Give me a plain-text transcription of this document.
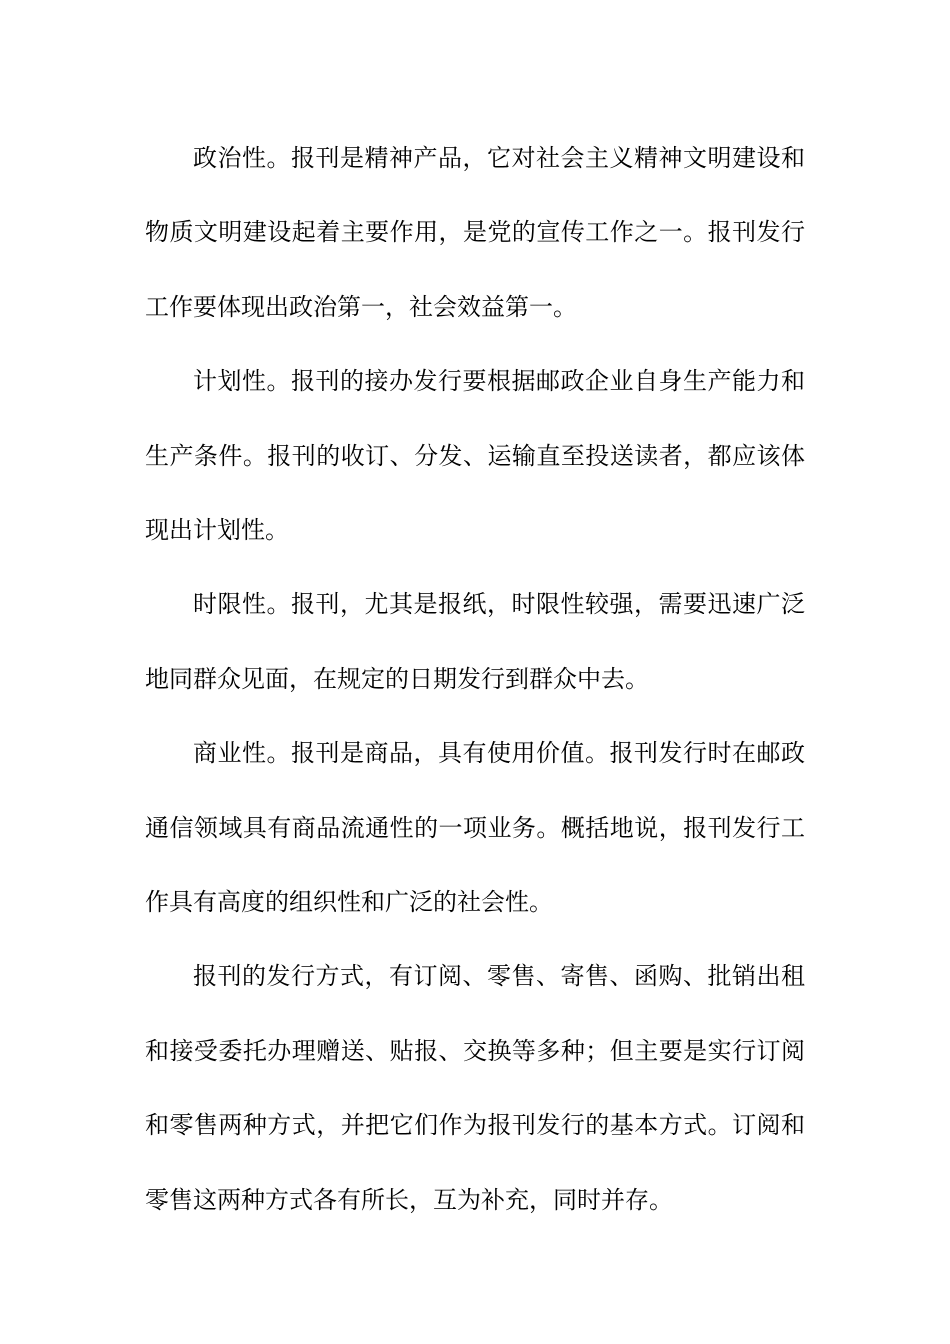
政治性。报刊是精神产品，它对社会主义精神文明建设和物质文明建设起着主要作用，是党的宣传工作之一。报刊发行工作要体现出政治第一，社会效益第一。

计划性。报刊的接办发行要根据邮政企业自身生产能力和生产条件。报刊的收订、分发、运输直至投送读者，都应该体现出计划性。

时限性。报刊，尤其是报纸，时限性较强，需要迅速广泛地同群众见面，在规定的日期发行到群众中去。

商业性。报刊是商品，具有使用价值。报刊发行时在邮政通信领域具有商品流通性的一项业务。概括地说，报刊发行工作具有高度的组织性和广泛的社会性。

报刊的发行方式，有订阅、零售、寄售、函购、批销出租和接受委托办理赠送、贴报、交换等多种；但主要是实行订阅和零售两种方式，并把它们作为报刊发行的基本方式。订阅和零售这两种方式各有所长，互为补充，同时并存。
